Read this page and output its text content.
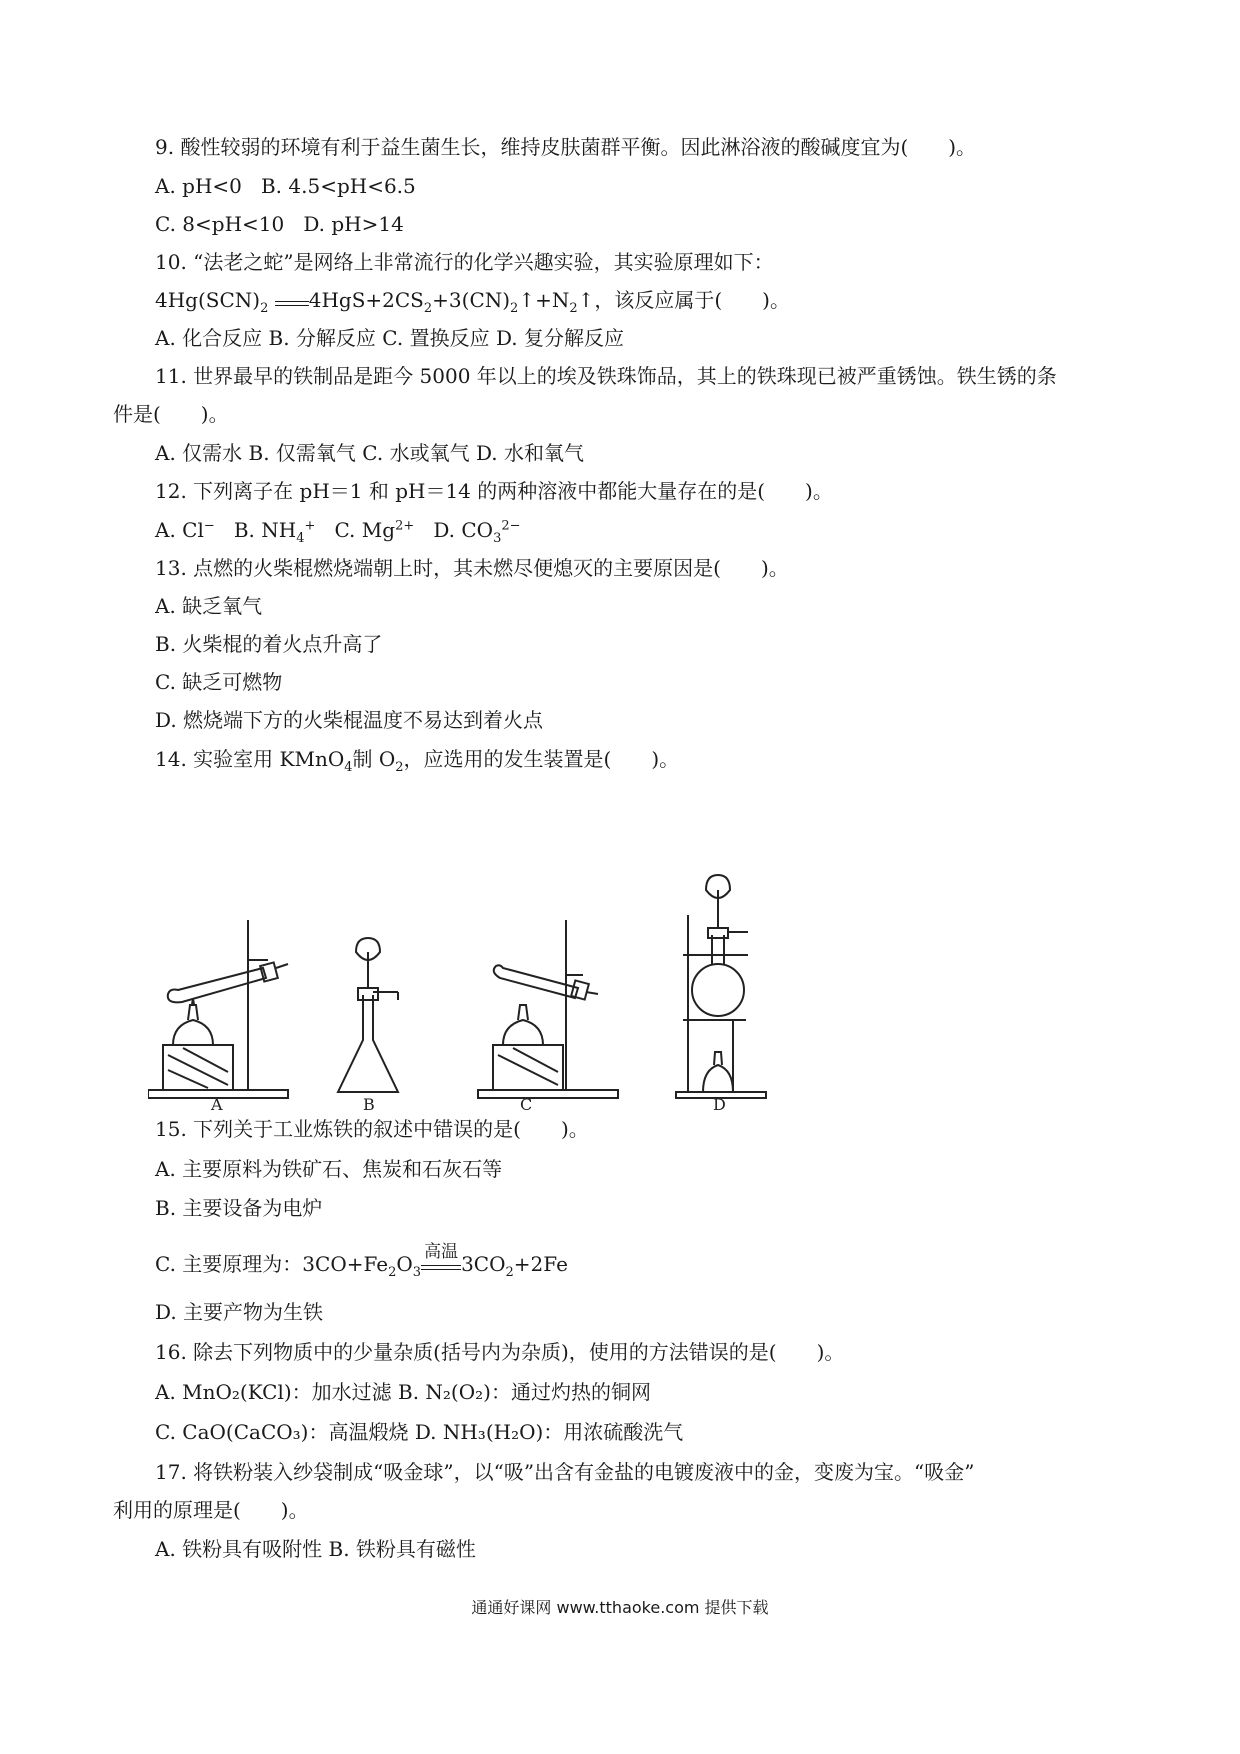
9. 酸性较弱的环境有利于益生菌生长，维持皮肤菌群平衡。因此淋浴液的酸碱度宜为(　　)。
A. pH<0 B. 4.5<pH<6.5
C. 8<pH<10 D. pH>14
10. “法老之蛇”是网络上非常流行的化学兴趣实验，其实验原理如下：
$4Hg(SCN)_2$ $4HgS+2CS_2+3(CN)_2↑+N_2↑$，该反应属于(　　)。
A. 化合反应 B. 分解反应 C. 置换反应 D. 复分解反应
11. 世界最早的铁制品是距今 5000 年以上的埃及铁珠饰品，其上的铁珠现已被严重锈蚀。铁生锈的条
件是(　　)。
A. 仅需水 B. 仅需氧气 C. 水或氧气 D. 水和氧气
12. 下列离子在 pH＝1 和 pH＝14 的两种溶液中都能大量存在的是(　　)。
A. Cl− B. $NH_4^+$ C. $Mg^{2+}$ D. $CO_3^{2-}$
13. 点燃的火柴棍燃烧端朝上时，其未燃尽便熄灭的主要原因是(　　)。
A. 缺乏氧气
B. 火柴棍的着火点升高了
C. 缺乏可燃物
D. 燃烧端下方的火柴棍温度不易达到着火点
14. 实验室用 KMnO$_4$制 $O_2$，应选用的发生装置是(　　)。
A	B	C	D
15. 下列关于工业炼铁的叙述中错误的是(　　)。
A. 主要原料为铁矿石、焦炭和石灰石等
B. 主要设备为电炉
C. 主要原理为：$3CO+Fe_2O_3$
高温
$3CO_2+2Fe$
D. 主要产物为生铁
16. 除去下列物质中的少量杂质(括号内为杂质)，使用的方法错误的是(　　)。
A. MnO₂(KCl)：加水过滤 B. N₂(O₂)：通过灼热的铜网
C. CaO(CaCO₃)：高温煅烧 D. NH₃(H₂O)：用浓硫酸洗气
17. 将铁粉装入纱袋制成“吸金球”，以“吸”出含有金盐的电镀废液中的金，变废为宝。“吸金”
利用的原理是(　　)。
A. 铁粉具有吸附性 B. 铁粉具有磁性
通通好课网 www.tthaoke.com 提供下载
